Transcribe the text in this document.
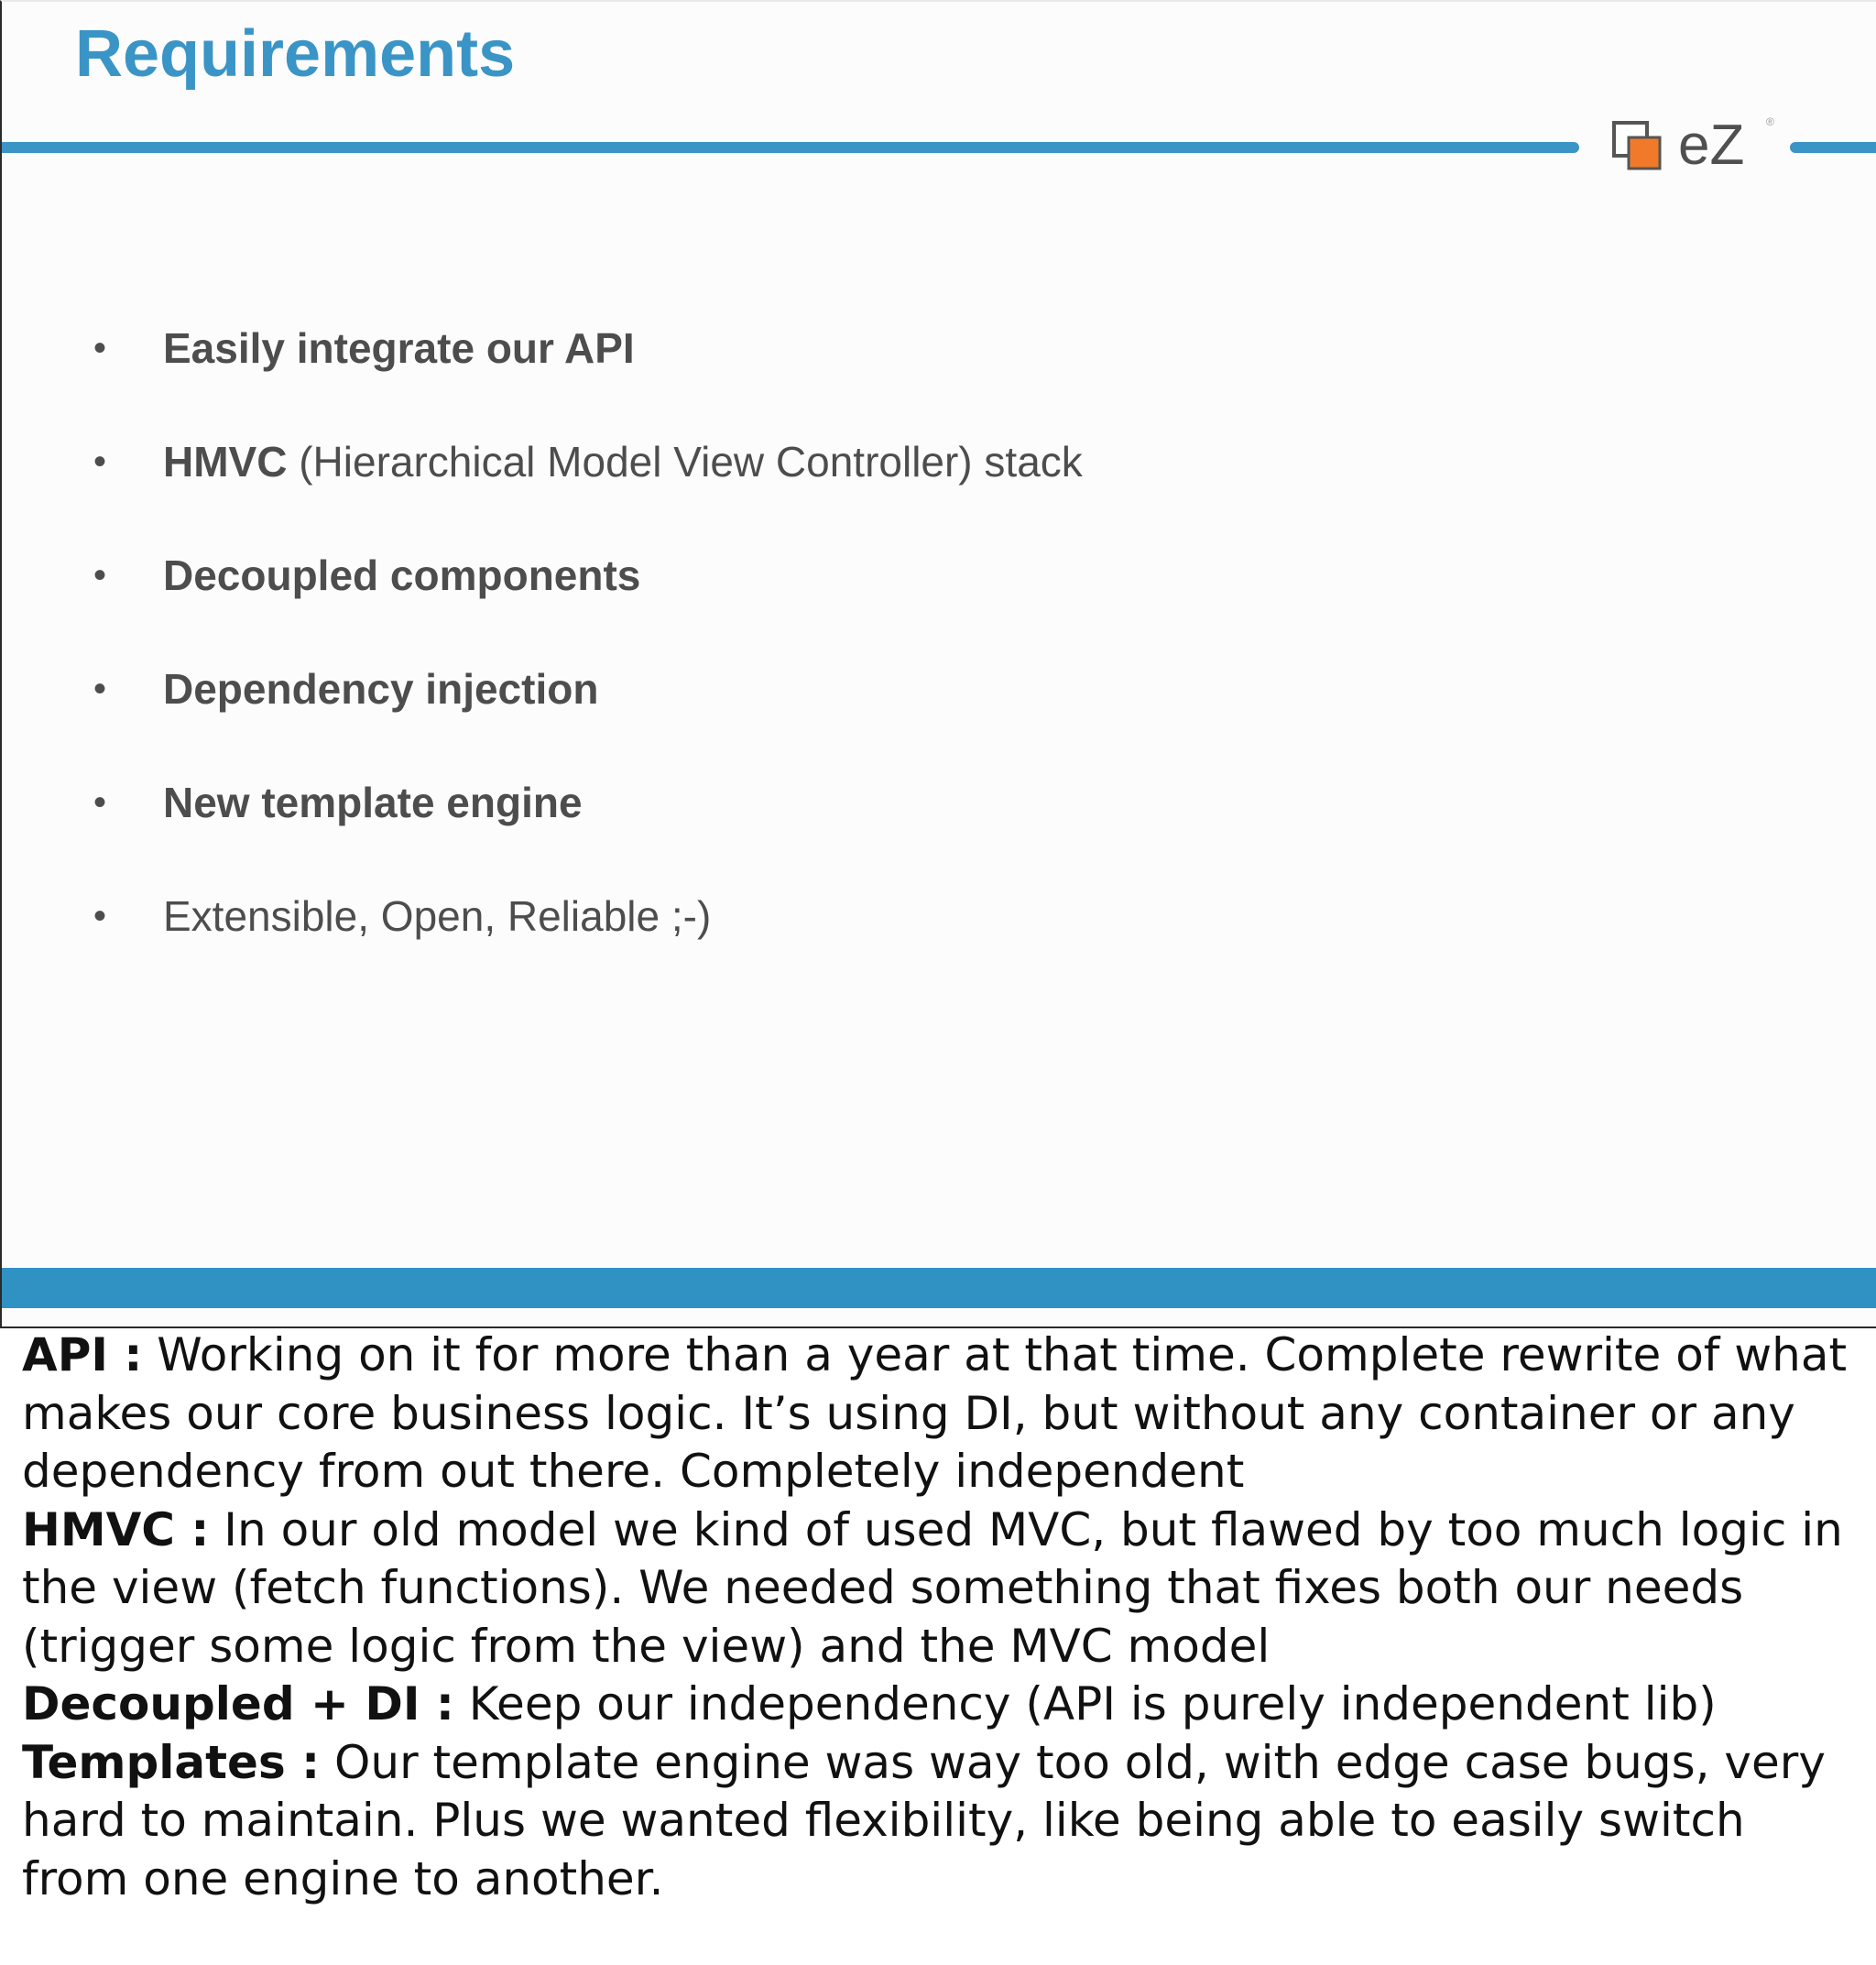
Requirements
eZ ®
•	Easily integrate our API
•	HMVC (Hierarchical Model View Controller) stack
•	Decoupled components
•	Dependency injection
•	New template engine
•	Extensible, Open, Reliable ;-)

API : Working on it for more than a year at that time. Complete rewrite of what makes our core business logic. It’s using DI, but without any container or any dependency from out there. Completely independent

HMVC : In our old model we kind of used MVC, but flawed by too much logic in the view (fetch functions). We needed something that fixes both our needs (trigger some logic from the view) and the MVC model

Decoupled + DI : Keep our independency (API is purely independent lib)

Templates : Our template engine was way too old, with edge case bugs, very hard to maintain. Plus we wanted flexibility, like being able to easily switch from one engine to another.
